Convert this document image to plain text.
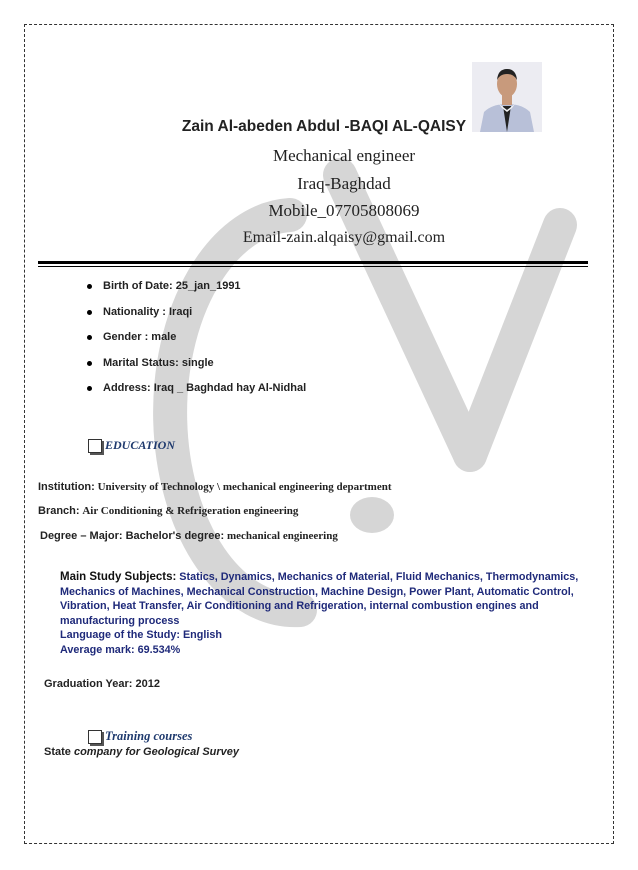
Zain Al-abeden Abdul -BAQI AL-QAISY
Mechanical engineer
Iraq-Baghdad
Mobile_07705808069
Email-zain.alqaisy@gmail.com
Birth of Date: 25_jan_1991
Nationality : Iraqi
Gender : male
Marital Status: single
Address: Iraq _ Baghdad hay Al-Nidhal
EDUCATION
Institution: University of Technology \ mechanical engineering department
Branch: Air Conditioning & Refrigeration engineering
Degree – Major: Bachelor's degree: mechanical engineering
Main Study Subjects: Statics, Dynamics, Mechanics of Material, Fluid Mechanics, Thermodynamics,
Mechanics of Machines, Mechanical Construction, Machine Design, Power Plant, Automatic Control,
Vibration, Heat Transfer, Air Conditioning and Refrigeration, internal combustion engines and
manufacturing process
Language of the Study: English
Average mark: 69.534%
Graduation Year: 2012
Training courses
State company for Geological Survey
